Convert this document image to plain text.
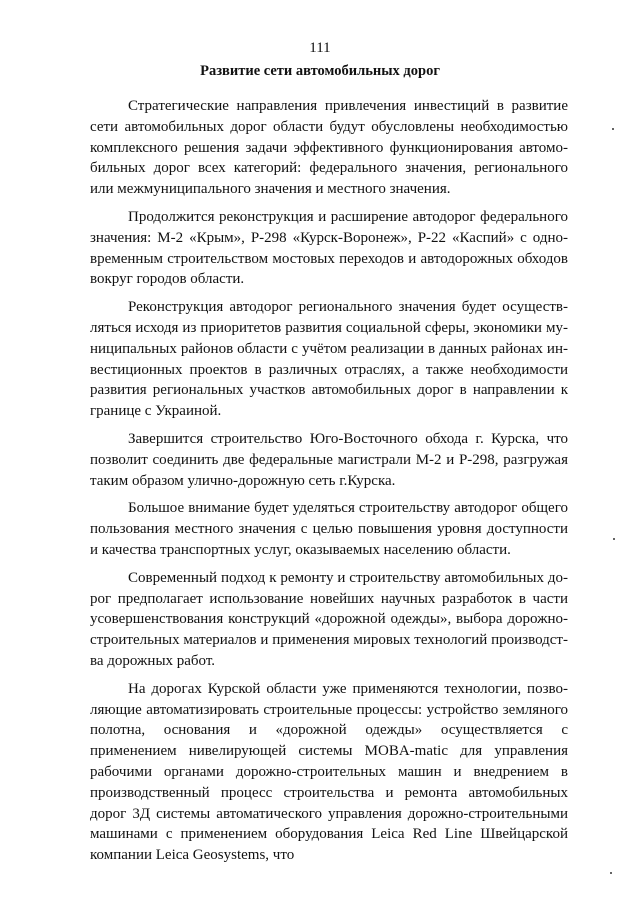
111
Развитие сети автомобильных дорог

Стратегические направления привлечения инвестиций в развитие сети автомобильных дорог области будут обусловлены необходимостью комплексного решения задачи эффективного функционирования автомобильных дорог всех категорий: федерального значения, регионального или межмуниципального значения и местного значения.

Продолжится реконструкция и расширение автодорог федерального значения: М-2 «Крым», Р-298 «Курск-Воронеж», Р-22 «Каспий» с одновременным строительством мостовых переходов и автодорожных обходов вокруг городов области.

Реконструкция автодорог регионального значения будет осуществляться исходя из приоритетов развития социальной сферы, экономики муниципальных районов области с учётом реализации в данных районах инвестиционных проектов в различных отраслях, а также необходимости развития региональных участков автомобильных дорог в направлении к границе с Украиной.

Завершится строительство Юго-Восточного обхода г. Курска, что позволит соединить две федеральные магистрали М-2 и Р-298, разгружая таким образом улично-дорожную сеть г.Курска.

Большое внимание будет уделяться строительству автодорог общего пользования местного значения с целью повышения уровня доступности и качества транспортных услуг, оказываемых населению области.

Современный подход к ремонту и строительству автомобильных дорог предполагает использование новейших научных разработок в части усовершенствования конструкций «дорожной одежды», выбора дорожностроительных материалов и применения мировых технологий производства дорожных работ.

На дорогах Курской области уже применяются технологии, позволяющие автоматизировать строительные процессы: устройство земляного полотна, основания и «дорожной одежды» осуществляется с применением нивелирующей системы MOBA-matic для управления рабочими органами дорожно-строительных машин и внедрением в производственный процесс строительства и ремонта автомобильных дорог 3Д системы автоматического управления дорожно-строительными машинами с применением оборудования Leica Red Line Швейцарской компании Leica Geosystems, что
